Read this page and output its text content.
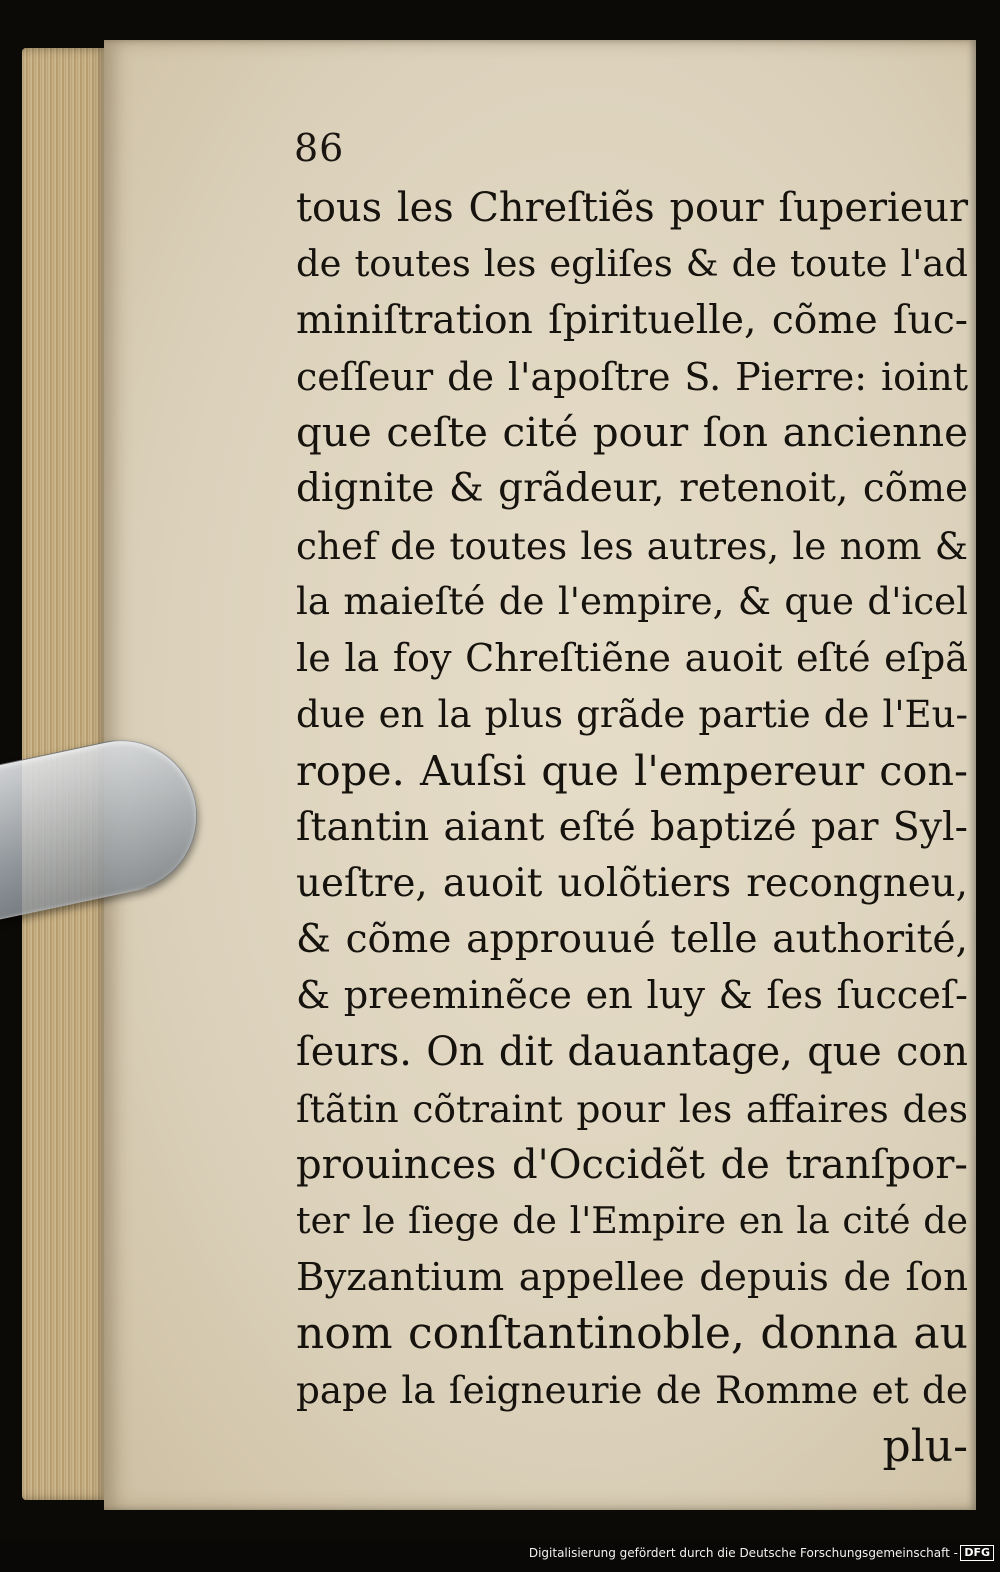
86
tous les Chreſtiẽs pour ſuperieur
de toutes les egliſes & de toute l'ad
miniſtration ſpirituelle, cõme ſuc-
ceſſeur de l'apoſtre S. Pierre: ioint
que ceſte cité pour ſon ancienne
dignite & grãdeur, retenoit, cõme
chef de toutes les autres, le nom &
la maieſté de l'empire, & que d'icel
le la foy Chreſtiẽne auoit eſté eſpã
due en la plus grãde partie de l'Eu-
rope. Auſsi que l'empereur con-
ſtantin aiant eſté baptizé par Syl-
ueſtre, auoit uolõtiers recongneu,
& cõme approuué telle authorité,
& preeminẽce en luy & ſes ſucceſ-
ſeurs. On dit dauantage, que con
ſtãtin cõtraint pour les affaires des
prouinces d'Occidẽt de tranſpor-
ter le ſiege de l'Empire en la cité de
Byzantium appellee depuis de ſon
nom conſtantinoble, donna au
pape la ſeigneurie de Romme et de
plu-
Digitalisierung gefördert durch die Deutsche Forschungsgemeinschaft - DFG
